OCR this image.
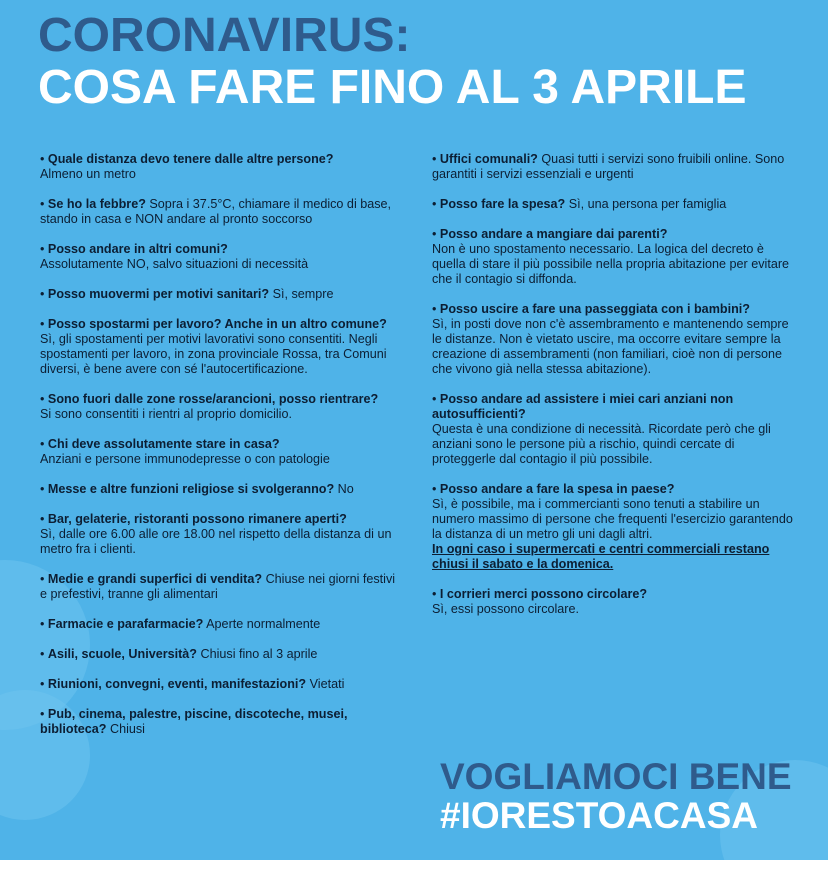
CORONAVIRUS:
COSA FARE FINO AL 3 APRILE
• Quale distanza devo tenere dalle altre persone?
Almeno un metro
• Se ho la febbre? Sopra i 37.5°C, chiamare il medico di base, stando in casa e NON andare al pronto soccorso
• Posso andare in altri comuni?
Assolutamente NO, salvo situazioni di necessità
• Posso muovermi per motivi sanitari? Sì, sempre
• Posso spostarmi per lavoro? Anche in un altro comune?
Sì, gli spostamenti per motivi lavorativi sono consentiti. Negli spostamenti per lavoro, in zona provinciale Rossa, tra Comuni diversi, è bene avere con sé l'autocertificazione.
• Sono fuori dalle zone rosse/arancioni, posso rientrare?
Si sono consentiti i rientri al proprio domicilio.
• Chi deve assolutamente stare in casa?
Anziani e persone immunodepresse o con patologie
• Messe e altre funzioni religiose si svolgeranno? No
• Bar, gelaterie, ristoranti possono rimanere aperti?
Sì, dalle ore 6.00 alle ore 18.00 nel rispetto della distanza di un metro fra i clienti.
• Medie e grandi superfici di vendita? Chiuse nei giorni festivi e prefestivi, tranne gli alimentari
• Farmacie e parafarmacie? Aperte normalmente
• Asili, scuole, Università? Chiusi fino al 3 aprile
• Riunioni, convegni, eventi, manifestazioni? Vietati
• Pub, cinema, palestre, piscine, discoteche, musei, biblioteca? Chiusi
• Uffici comunali? Quasi tutti i servizi sono fruibili online. Sono garantiti i servizi essenziali e urgenti
• Posso fare la spesa? Sì, una persona per famiglia
• Posso andare a mangiare dai parenti?
Non è uno spostamento necessario. La logica del decreto è quella di stare il più possibile nella propria abitazione per evitare che il contagio si diffonda.
• Posso uscire a fare una passeggiata con i bambini?
Sì, in posti dove non c'è assembramento e mantenendo sempre le distanze. Non è vietato uscire, ma occorre evitare sempre la creazione di assembramenti (non familiari, cioè non di persone che vivono già nella stessa abitazione).
• Posso andare ad assistere i miei cari anziani non autosufficienti?
Questa è una condizione di necessità. Ricordate però che gli anziani sono le persone più a rischio, quindi cercate di proteggerle dal contagio il più possibile.
• Posso andare a fare la spesa in paese?
Sì, è possibile, ma i commercianti sono tenuti a stabilire un numero massimo di persone che frequenti l'esercizio garantendo la distanza di un metro gli uni dagli altri.
In ogni caso i supermercati e centri commerciali restano chiusi il sabato e la domenica.
• I corrieri merci possono circolare?
Sì, essi possono circolare.
VOGLIAMOCI BENE
#IORESTOACASA
